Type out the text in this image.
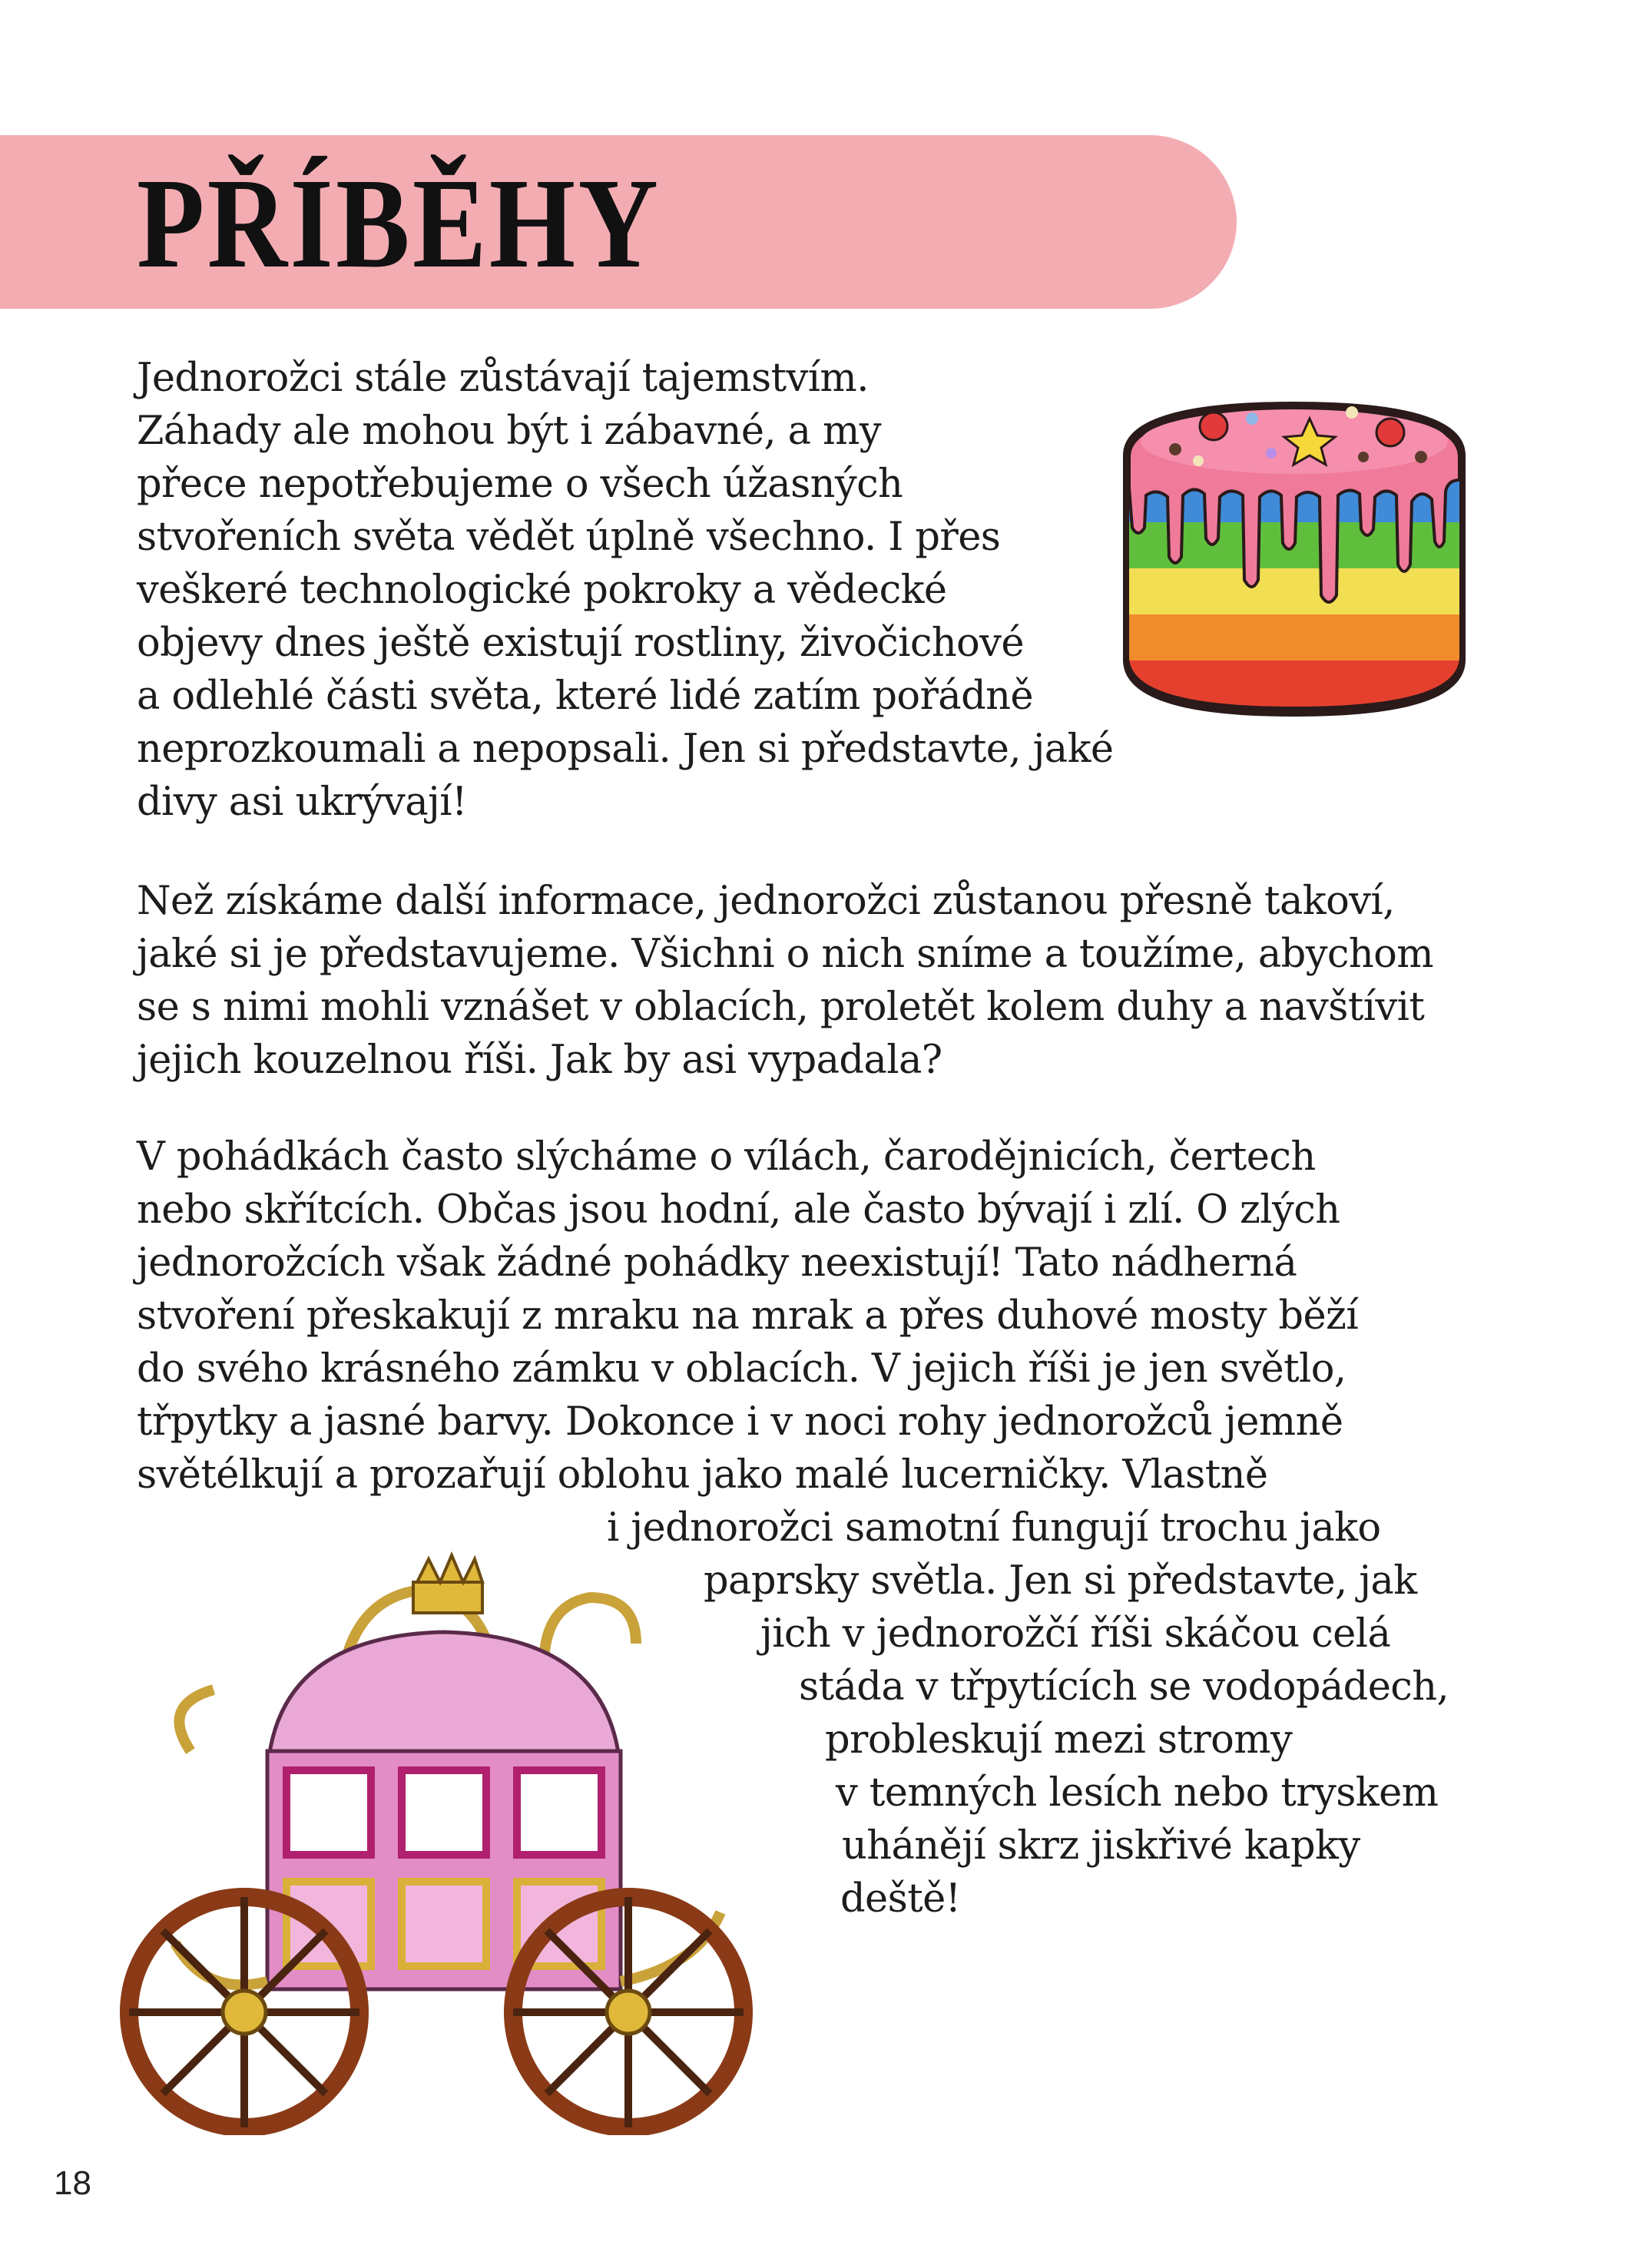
PŘÍBĚHY

Jednorožci stále zůstávají tajemstvím.
Záhady ale mohou být i zábavné, a my
přece nepotřebujeme o všech úžasných
stvořeních světa vědět úplně všechno. I přes
veškeré technologické pokroky a vědecké
objevy dnes ještě existují rostliny, živočichové
a odlehlé části světa, které lidé zatím pořádně
neprozkoumali a nepopsali. Jen si představte, jaké
divy asi ukrývají!

Než získáme další informace, jednorožci zůstanou přesně takoví,
jaké si je představujeme. Všichni o nich sníme a toužíme, abychom
se s nimi mohli vznášet v oblacích, proletět kolem duhy a navštívit
jejich kouzelnou říši. Jak by asi vypadala?

V pohádkách často slýcháme o vílách, čarodějnicích, čertech
nebo skřítcích. Občas jsou hodní, ale často bývají i zlí. O zlých
jednorožcích však žádné pohádky neexistují! Tato nádherná
stvoření přeskakují z mraku na mrak a přes duhové mosty běží
do svého krásného zámku v oblacích. V jejich říši je jen světlo,
třpytky a jasné barvy. Dokonce i v noci rohy jednorožců jemně
světélkují a prozařují oblohu jako malé lucerničky. Vlastně
i jednorožci samotní fungují trochu jako
paprsky světla. Jen si představte, jak
jich v jednorožčí říši skáčou celá
stáda v třpytících se vodopádech,
probleskují mezi stromy
v temných lesích nebo tryskem
uhánějí skrz jiskřivé kapky
deště!

18
